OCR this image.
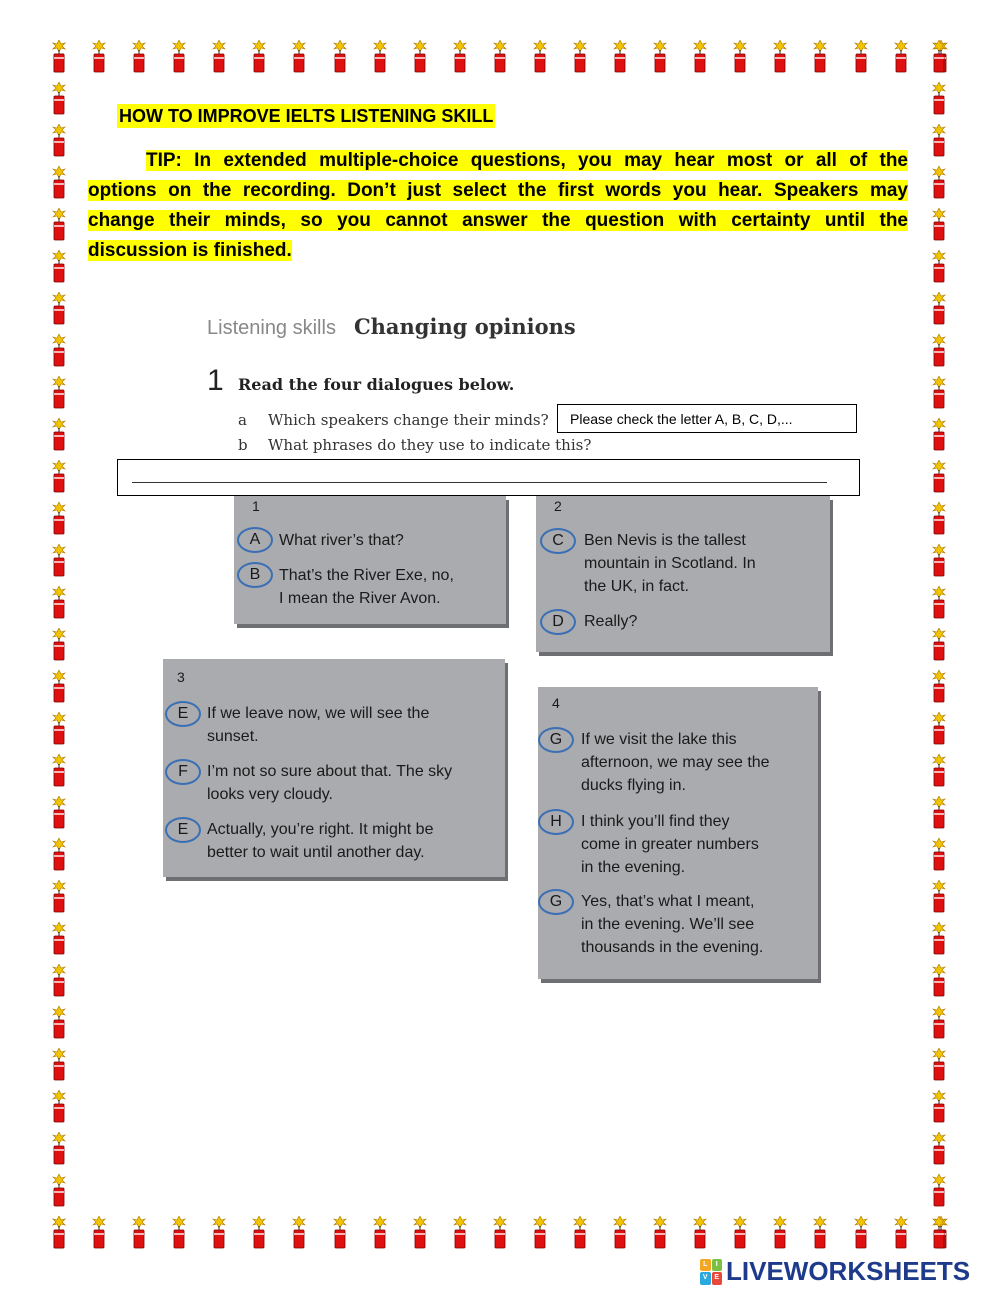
HOW TO IMPROVE IELTS LISTENING SKILL
TIP: In extended multiple-choice questions, you may hear most or all of the
options on the recording. Don’t just select the first words you hear. Speakers may
change their minds, so you cannot answer the question with certainty until the
discussion is finished.
Listening skills Changing opinions
1 Read the four dialogues below.
a Which speakers change their minds?
b What phrases do they use to indicate this?
Please check the letter A, B, C, D,...
1
A	What river’s that?
B	That’s the River Exe, no,
I mean the River Avon.
2
C	Ben Nevis is the tallest
mountain in Scotland. In
the UK, in fact.
D	Really?
3
E	If we leave now, we will see the
sunset.
F	I’m not so sure about that. The sky
looks very cloudy.
E	Actually, you’re right. It might be
better to wait until another day.
4
G	If we visit the lake this
afternoon, we may see the
ducks flying in.
H	I think you’ll find they
come in greater numbers
in the evening.
G	Yes, that’s what I meant,
in the evening. We’ll see
thousands in the evening.
L	I
V E LIVEWORKSHEETS
